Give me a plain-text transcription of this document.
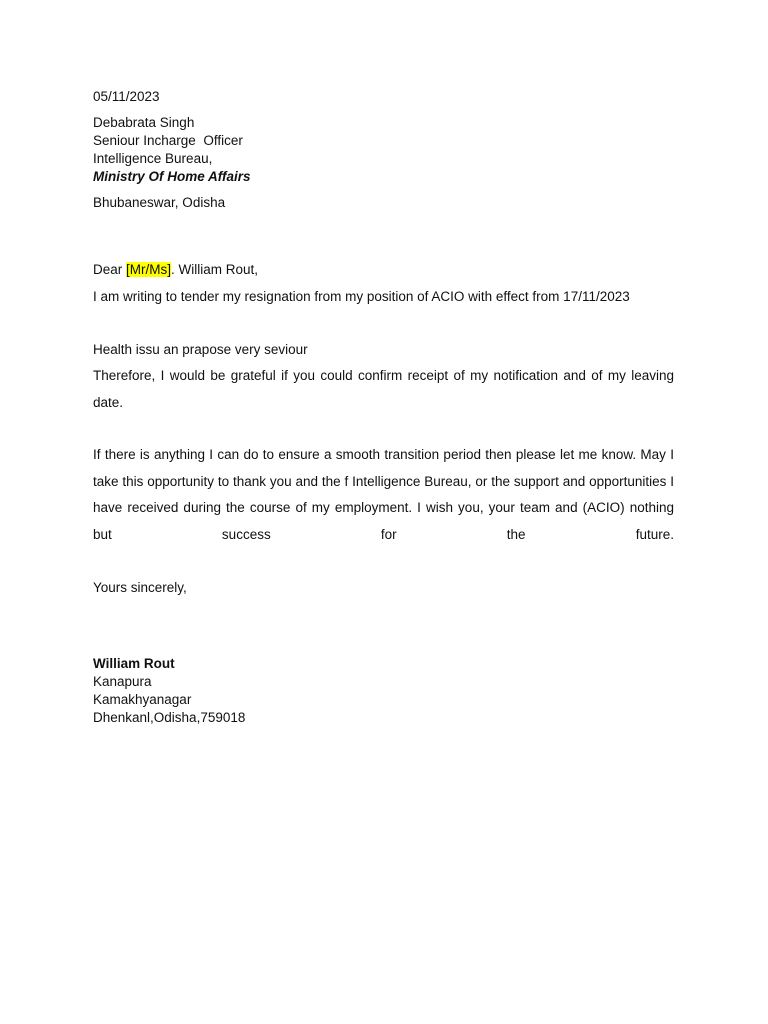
05/11/2023
Debabrata Singh
Seniour Incharge  Officer
Intelligence Bureau,
Ministry Of Home Affairs
Bhubaneswar, Odisha
Dear [Mr/Ms]. William Rout,
I am writing to tender my resignation from my position of ACIO with effect from 17/11/2023
Health issu an prapose very seviour
Therefore, I would be grateful if you could confirm receipt of my notification and of my leaving date.
If there is anything I can do to ensure a smooth transition period then please let me know. May I take this opportunity to thank you and the f Intelligence Bureau, or the support and opportunities I have received during the course of my employment. I wish you, your team and (ACIO) nothing but success for the future.
Yours sincerely,
William Rout
Kanapura
Kamakhyanagar
Dhenkanl,Odisha,759018
